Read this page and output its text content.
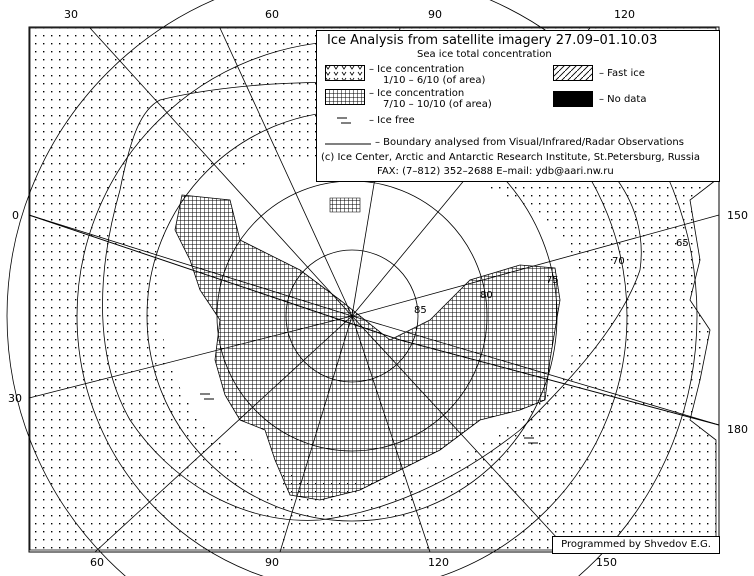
85
80
75
70
65
30	60	90	120
60	90	120	150
0
30
150
180
Ice Analysis from satellite imagery 27.09–01.10.03
Sea ice total concentration
– Ice concentration
1/10 – 6/10 (of area)
– Ice concentration
7/10 – 10/10 (of area)
– Ice free
– Fast ice
– No data
– Boundary analysed from Visual/Infrared/Radar Observations
(c) Ice Center, Arctic and Antarctic Research Institute, St.Petersburg, Russia
FAX: (7–812) 352–2688 E–mail: ydb@aari.nw.ru
Programmed by Shvedov E.G.
